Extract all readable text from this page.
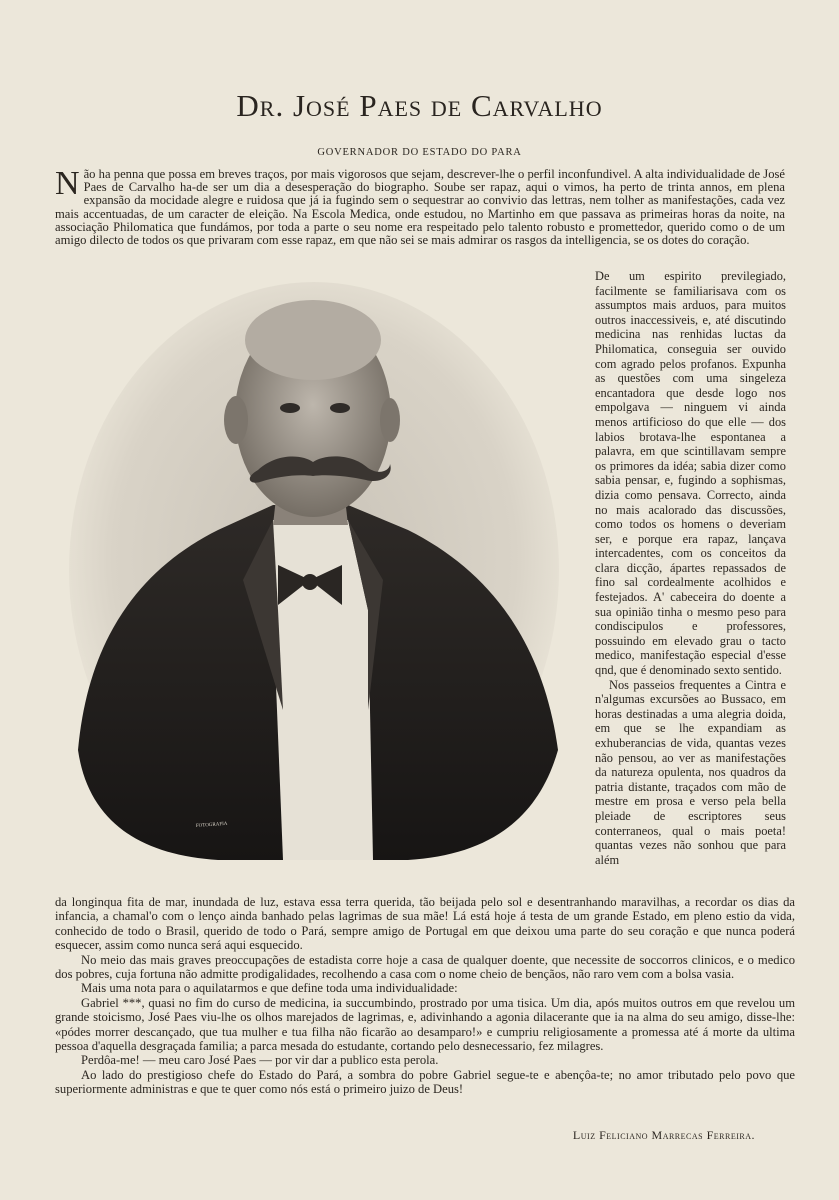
Dr. José Paes de Carvalho
GOVERNADOR DO ESTADO DO PARA
Não ha penna que possa em breves traços, por mais vigorosos que sejam, descrever-lhe o perfil inconfundivel. A alta individualidade de José Paes de Carvalho ha-de ser um dia a desesperação do biographo. Soube ser rapaz, aqui o vimos, ha perto de trinta annos, em plena expansão da mocidade alegre e ruidosa que já ia fugindo sem o sequestrar ao convivio das lettras, nem tolher as manifestações, cada vez mais accentuadas, de um caracter de eleição. Na Escola Medica, onde estudou, no Martinho em que passava as primeiras horas da noite, na associação Philomatica que fundámos, por toda a parte o seu nome era respeitado pelo talento robusto e promettedor, querido como o de um amigo dilecto de todos os que privaram com esse rapaz, em que não sei se mais admirar os rasgos da intelligencia, se os dotes do coração.
FOTOGRAFIA
De um espirito previlegiado, facilmente se familiarisava com os assumptos mais arduos, para muitos outros inaccessiveis, e, até discutindo medicina nas renhidas luctas da Philomatica, conseguia ser ouvido com agrado pelos profanos. Expunha as questões com uma singeleza encantadora que desde logo nos empolgava — ninguem vi ainda menos artificioso do que elle — dos labios brotava-lhe espontanea a palavra, em que scintillavam sempre os primores da idéa; sabia dizer como sabia pensar, e, fugindo a sophismas, dizia como pensava. Correcto, ainda no mais acalorado das discussões, como todos os homens o deveriam ser, e porque era rapaz, lançava intercadentes, com os conceitos da clara dicção, ápartes repassados de fino sal cordealmente acolhidos e festejados. A' cabeceira do doente a sua opinião tinha o mesmo peso para condiscipulos e professores, possuindo em elevado grau o tacto medico, manifestação especial d'esse qnd, que é denominado sexto sentido.
Nos passeios frequentes a Cintra e n'algumas excursões ao Bussaco, em horas destinadas a uma alegria doida, em que se lhe expandiam as exhuberancias de vida, quantas vezes não pensou, ao ver as manifestações da natureza opulenta, nos quadros da patria distante, traçados com mão de mestre em prosa e verso pela bella pleiade de escriptores seus conterraneos, qual o mais poeta! quantas vezes não sonhou que para além

da longinqua fita de mar, inundada de luz, estava essa terra querida, tão beijada pelo sol e desentranhando maravilhas, a recordar os dias da infancia, a chamal'o com o lenço ainda banhado pelas lagrimas de sua mãe! Lá está hoje á testa de um grande Estado, em pleno estio da vida, conhecido de todo o Brasil, querido de todo o Pará, sempre amigo de Portugal em que deixou uma parte do seu coração e que nunca poderá esquecer, assim como nunca será aqui esquecido.

No meio das mais graves preoccupações de estadista corre hoje a casa de qualquer doente, que necessite de soccorros clinicos, e o medico dos pobres, cuja fortuna não admitte prodigalidades, recolhendo a casa com o nome cheio de bençãos, não raro vem com a bolsa vasia.

Mais uma nota para o aquilatarmos e que define toda uma individualidade:

Gabriel ***, quasi no fim do curso de medicina, ia succumbindo, prostrado por uma tisica. Um dia, após muitos outros em que revelou um grande stoicismo, José Paes viu-lhe os olhos marejados de lagrimas, e, adivinhando a agonia dilacerante que ia na alma do seu amigo, disse-lhe: «pódes morrer descançado, que tua mulher e tua filha não ficarão ao desamparo!» e cumpriu religiosamente a promessa até á morte da ultima pessoa d'aquella desgraçada familia; a parca mesada do estudante, cortando pelo desnecessario, fez milagres.

Perdôa-me! — meu caro José Paes — por vir dar a publico esta perola.

Ao lado do prestigioso chefe do Estado do Pará, a sombra do pobre Gabriel segue-te e abençôa-te; no amor tributado pelo povo que superiormente administras e que te quer como nós está o primeiro juizo de Deus!

Luiz Feliciano Marrecas Ferreira.
